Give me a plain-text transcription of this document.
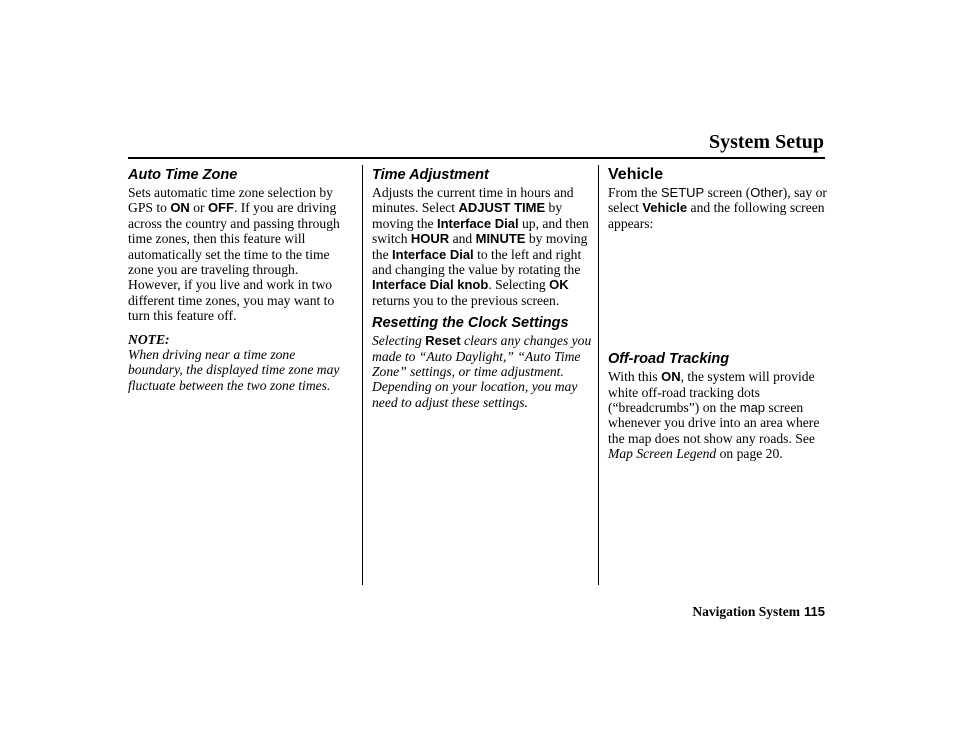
System Setup
Auto Time Zone

Sets automatic time zone selection by GPS to ON or OFF. If you are driving across the country and passing through time zones, then this feature will automatically set the time to the time zone you are traveling through. However, if you live and work in two different time zones, you may want to turn this feature off.

NOTE:

When driving near a time zone boundary, the displayed time zone may fluctuate between the two zone times.

Time Adjustment

Adjusts the current time in hours and minutes. Select ADJUST TIME by moving the Interface Dial up, and then switch HOUR and MINUTE by moving the Interface Dial to the left and right and changing the value by rotating the Interface Dial knob. Selecting OK returns you to the previous screen.

Resetting the Clock Settings

Selecting Reset clears any changes you made to “Auto Daylight,” “Auto Time Zone” settings, or time adjustment. Depending on your location, you may need to adjust these settings.

Vehicle

From the SETUP screen (Other), say or select Vehicle and the following screen appears:

Off-road Tracking

With this ON, the system will provide white off-road tracking dots (“breadcrumbs”) on the map screen whenever you drive into an area where the map does not show any roads. See Map Screen Legend on page 20.

Navigation System 115
